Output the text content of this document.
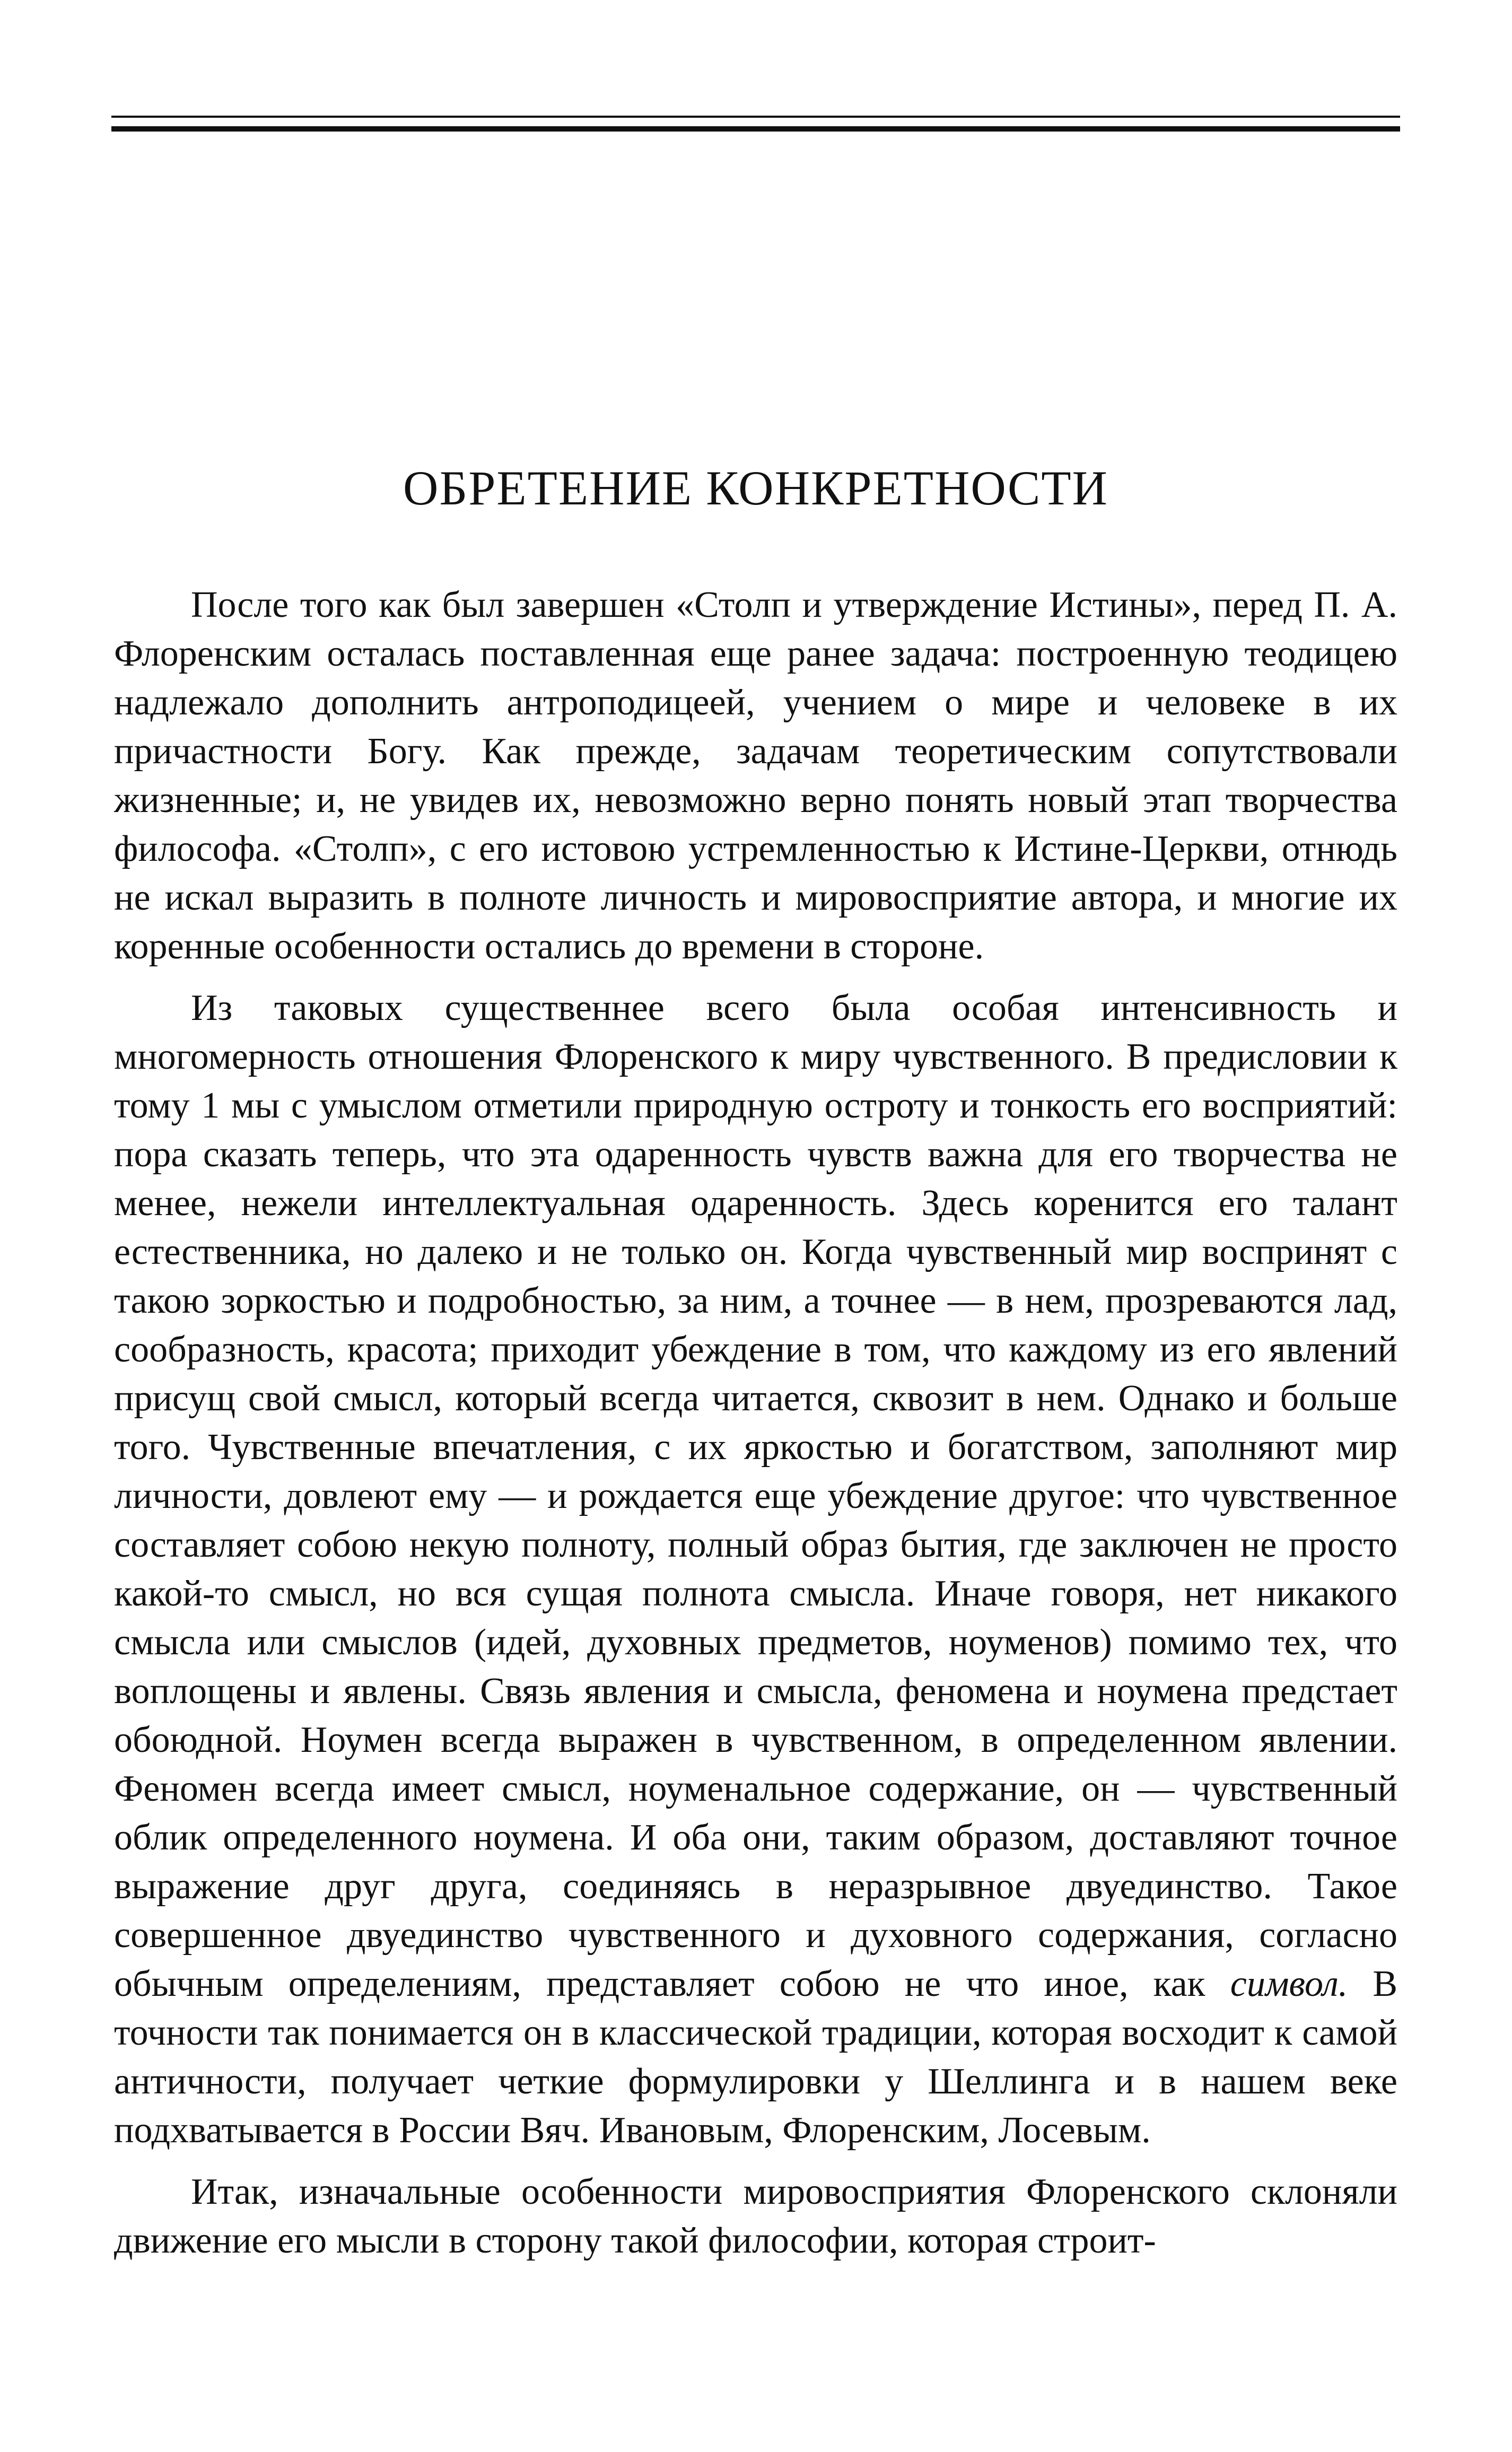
ОБРЕТЕНИЕ КОНКРЕТНОСТИ

После того как был завершен «Столп и утверждение Истины», перед П. А. Флоренским осталась поставленная еще ранее задача: построенную теодицею надлежало дополнить антроподицеей, учением о мире и человеке в их причастности Богу. Как прежде, задачам теоретическим сопутствовали жизненные; и, не увидев их, невозможно верно понять новый этап творчества философа. «Столп», с его истовою устремленностью к Истине-Церкви, отнюдь не искал выразить в полноте личность и мировосприятие автора, и многие их коренные особенности остались до времени в стороне.

Из таковых существеннее всего была особая интенсивность и многомерность отношения Флоренского к миру чувственного. В предисловии к тому 1 мы с умыслом отметили природную остроту и тонкость его восприятий: пора сказать теперь, что эта одаренность чувств важна для его творчества не менее, нежели интеллектуальная одаренность. Здесь коренится его талант естественника, но далеко и не только он. Когда чувственный мир воспринят с такою зоркостью и подробностью, за ним, а точнее — в нем, прозреваются лад, сообразность, красота; приходит убеждение в том, что каждому из его явлений присущ свой смысл, который всегда читается, сквозит в нем. Однако и больше того. Чувственные впечатления, с их яркостью и богатством, заполняют мир личности, довлеют ему — и рождается еще убеждение другое: что чувственное составляет собою некую полноту, полный образ бытия, где заключен не просто какой-то смысл, но вся сущая полнота смысла. Иначе говоря, нет никакого смысла или смыслов (идей, духовных предметов, ноуменов) помимо тех, что воплощены и явлены. Связь явления и смысла, феномена и ноумена предстает обоюдной. Ноумен всегда выражен в чувственном, в определенном явлении. Феномен всегда имеет смысл, ноуменальное содержание, он — чувственный облик определенного ноумена. И оба они, таким образом, доставляют точное выражение друг друга, соединяясь в неразрывное двуединство. Такое совершенное двуединство чувственного и духовного содержания, согласно обычным определениям, представляет собою не что иное, как символ. В точности так понимается он в классической традиции, которая восходит к самой античности, получает четкие формулировки у Шеллинга и в нашем веке подхватывается в России Вяч. Ивановым, Флоренским, Лосевым.

Итак, изначальные особенности мировосприятия Флоренского склоняли движение его мысли в сторону такой философии, которая строит-
